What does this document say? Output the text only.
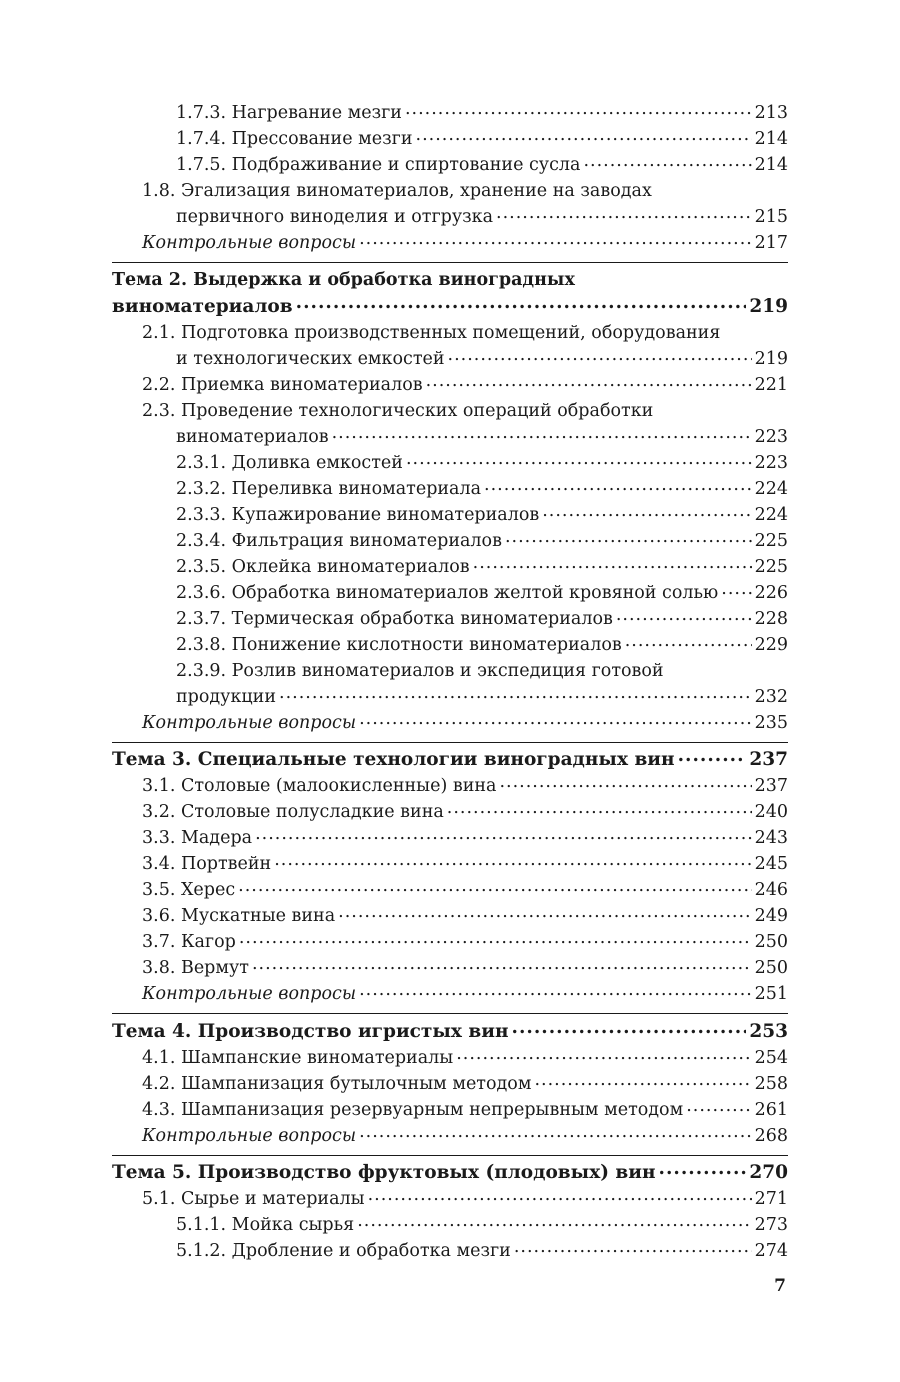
1.7.3. Нагревание мезги .....	213
1.7.4. Прессование мезги .....	214
1.7.5. Подбраживание и спиртование сусла .....	214
1.8. Эгализация виноматериалов, хранение на заводах
первичного виноделия и отгрузка .....	215
Контрольные вопросы .....	217
Тема 2. Выдержка и обработка виноградных
виноматериалов .....	219
2.1. Подготовка производственных помещений, оборудования
и технологических емкостей .....	219
2.2. Приемка виноматериалов .....	221
2.3. Проведение технологических операций обработки
виноматериалов .....	223
2.3.1. Доливка емкостей .....	223
2.3.2. Переливка виноматериала .....	224
2.3.3. Купажирование виноматериалов .....	224
2.3.4. Фильтрация виноматериалов .....	225
2.3.5. Оклейка виноматериалов .....	225
2.3.6. Обработка виноматериалов желтой кровяной солью ..... 226
2.3.7. Термическая обработка виноматериалов .....	228
2.3.8. Понижение кислотности виноматериалов .....	229
2.3.9. Розлив виноматериалов и экспедиция готовой
продукции .....	232
Контрольные вопросы .....	235
Тема 3. Специальные технологии виноградных вин .....	237
3.1. Столовые (малоокисленные) вина .....	237
3.2. Столовые полусладкие вина .....	240
3.3. Мадера .....	243
3.4. Портвейн .....	245
3.5. Херес .....	246
3.6. Мускатные вина .....	249
3.7. Кагор .....	250
3.8. Вермут .....	250
Контрольные вопросы .....	251
Тема 4. Производство игристых вин .....	253
4.1. Шампанские виноматериалы .....	254
4.2. Шампанизация бутылочным методом .....	258
4.3. Шампанизация резервуарным непрерывным методом .....	261
Контрольные вопросы .....	268
Тема 5. Производство фруктовых (плодовых) вин .....	270
5.1. Сырье и материалы .....	271
5.1.1. Мойка сырья .....	273
5.1.2. Дробление и обработка мезги .....	274
7
